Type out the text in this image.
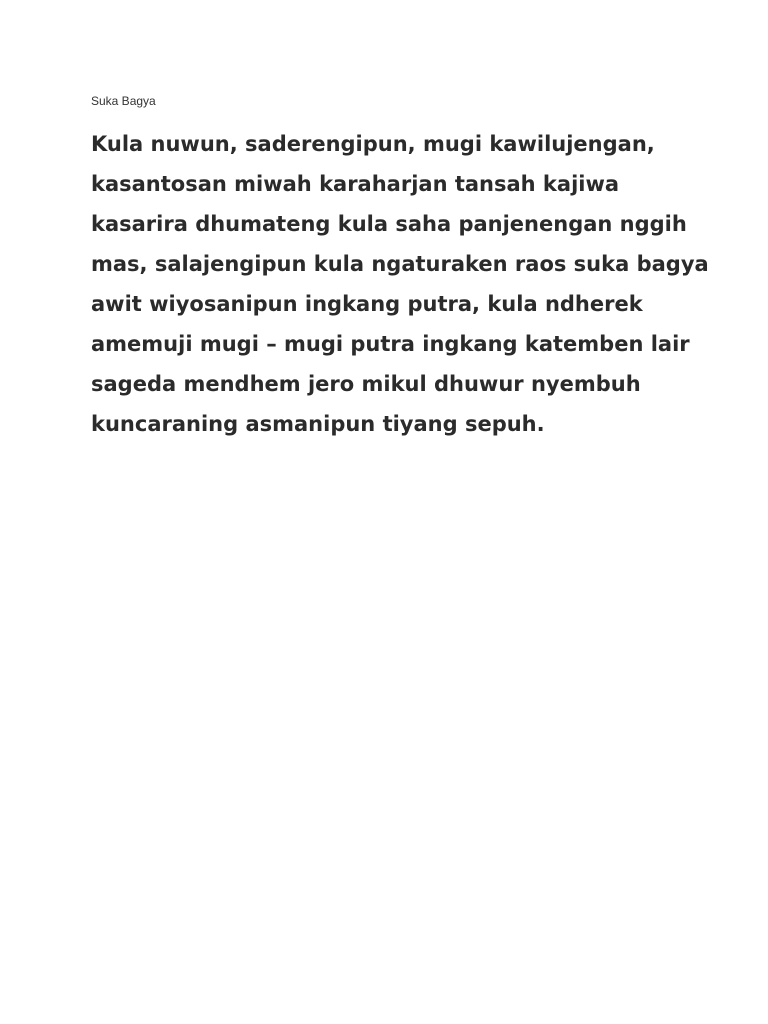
Suka Bagya

Kula nuwun, saderengipun, mugi kawilujengan,
kasantosan miwah karaharjan tansah kajiwa
kasarira dhumateng kula saha panjenengan nggih
mas, salajengipun kula ngaturaken raos suka bagya
awit wiyosanipun ingkang putra, kula ndherek
amemuji mugi – mugi putra ingkang katemben lair
sageda mendhem jero mikul dhuwur nyembuh
kuncaraning asmanipun tiyang sepuh.
